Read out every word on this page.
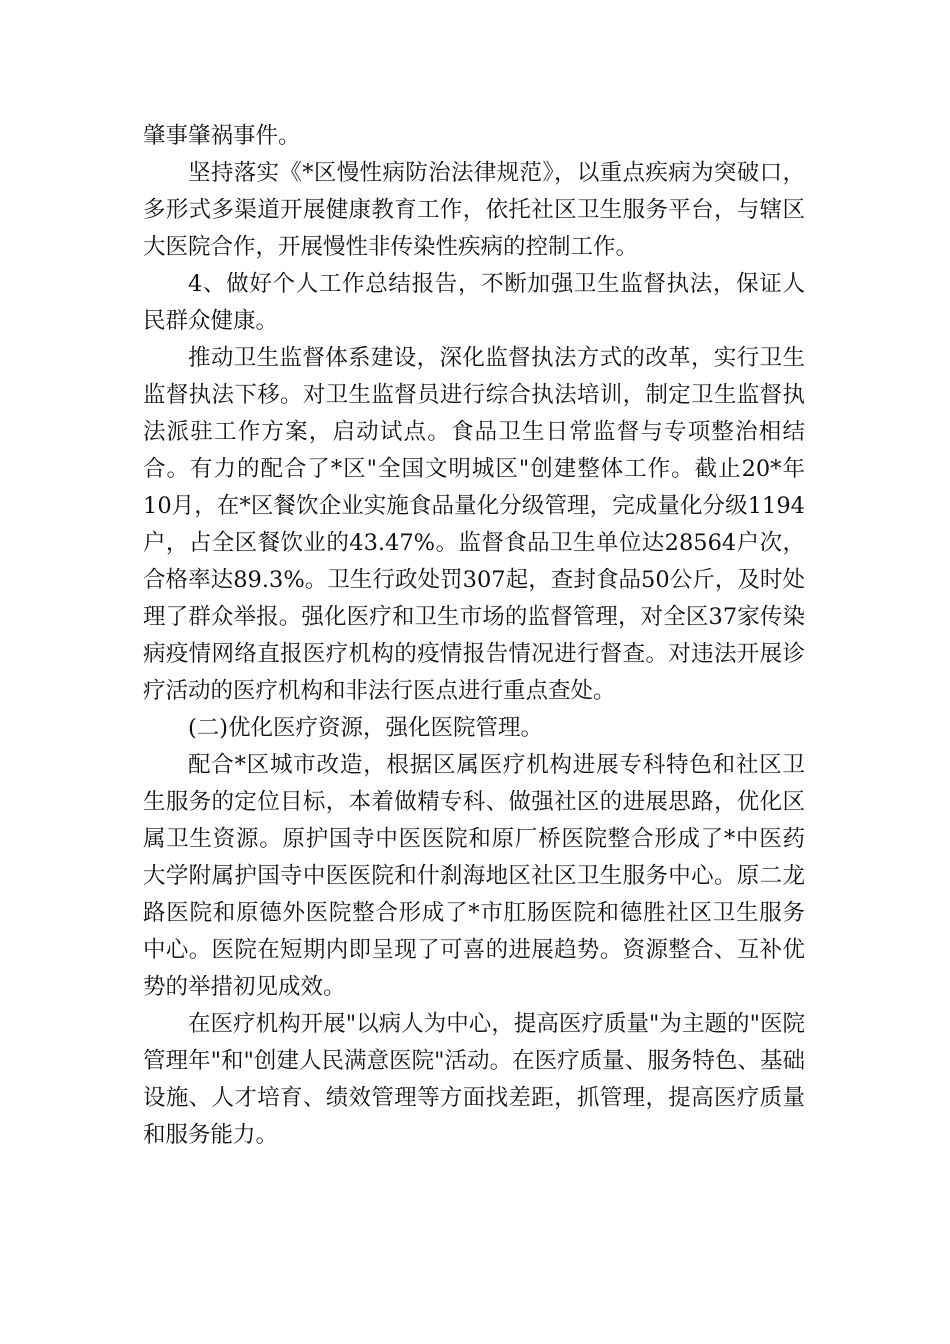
肇事肇祸事件。

坚持落实《*区慢性病防治法律规范》，以重点疾病为突破口，多形式多渠道开展健康教育工作，依托社区卫生服务平台，与辖区大医院合作，开展慢性非传染性疾病的控制工作。

4、做好个人工作总结报告，不断加强卫生监督执法，保证人民群众健康。

推动卫生监督体系建设，深化监督执法方式的改革，实行卫生监督执法下移。对卫生监督员进行综合执法培训，制定卫生监督执法派驻工作方案，启动试点。食品卫生日常监督与专项整治相结合。有力的配合了*区"全国文明城区"创建整体工作。截止20*年10月，在*区餐饮企业实施食品量化分级管理，完成量化分级1194户，占全区餐饮业的43.47%。监督食品卫生单位达28564户次，合格率达89.3%。卫生行政处罚307起，查封食品50公斤，及时处理了群众举报。强化医疗和卫生市场的监督管理，对全区37家传染病疫情网络直报医疗机构的疫情报告情况进行督查。对违法开展诊疗活动的医疗机构和非法行医点进行重点查处。

(二)优化医疗资源，强化医院管理。

配合*区城市改造，根据区属医疗机构进展专科特色和社区卫生服务的定位目标，本着做精专科、做强社区的进展思路，优化区属卫生资源。原护国寺中医医院和原厂桥医院整合形成了*中医药大学附属护国寺中医医院和什刹海地区社区卫生服务中心。原二龙路医院和原德外医院整合形成了*市肛肠医院和德胜社区卫生服务中心。医院在短期内即呈现了可喜的进展趋势。资源整合、互补优势的举措初见成效。

在医疗机构开展"以病人为中心，提高医疗质量"为主题的"医院管理年"和"创建人民满意医院"活动。在医疗质量、服务特色、基础设施、人才培育、绩效管理等方面找差距，抓管理，提高医疗质量和服务能力。
